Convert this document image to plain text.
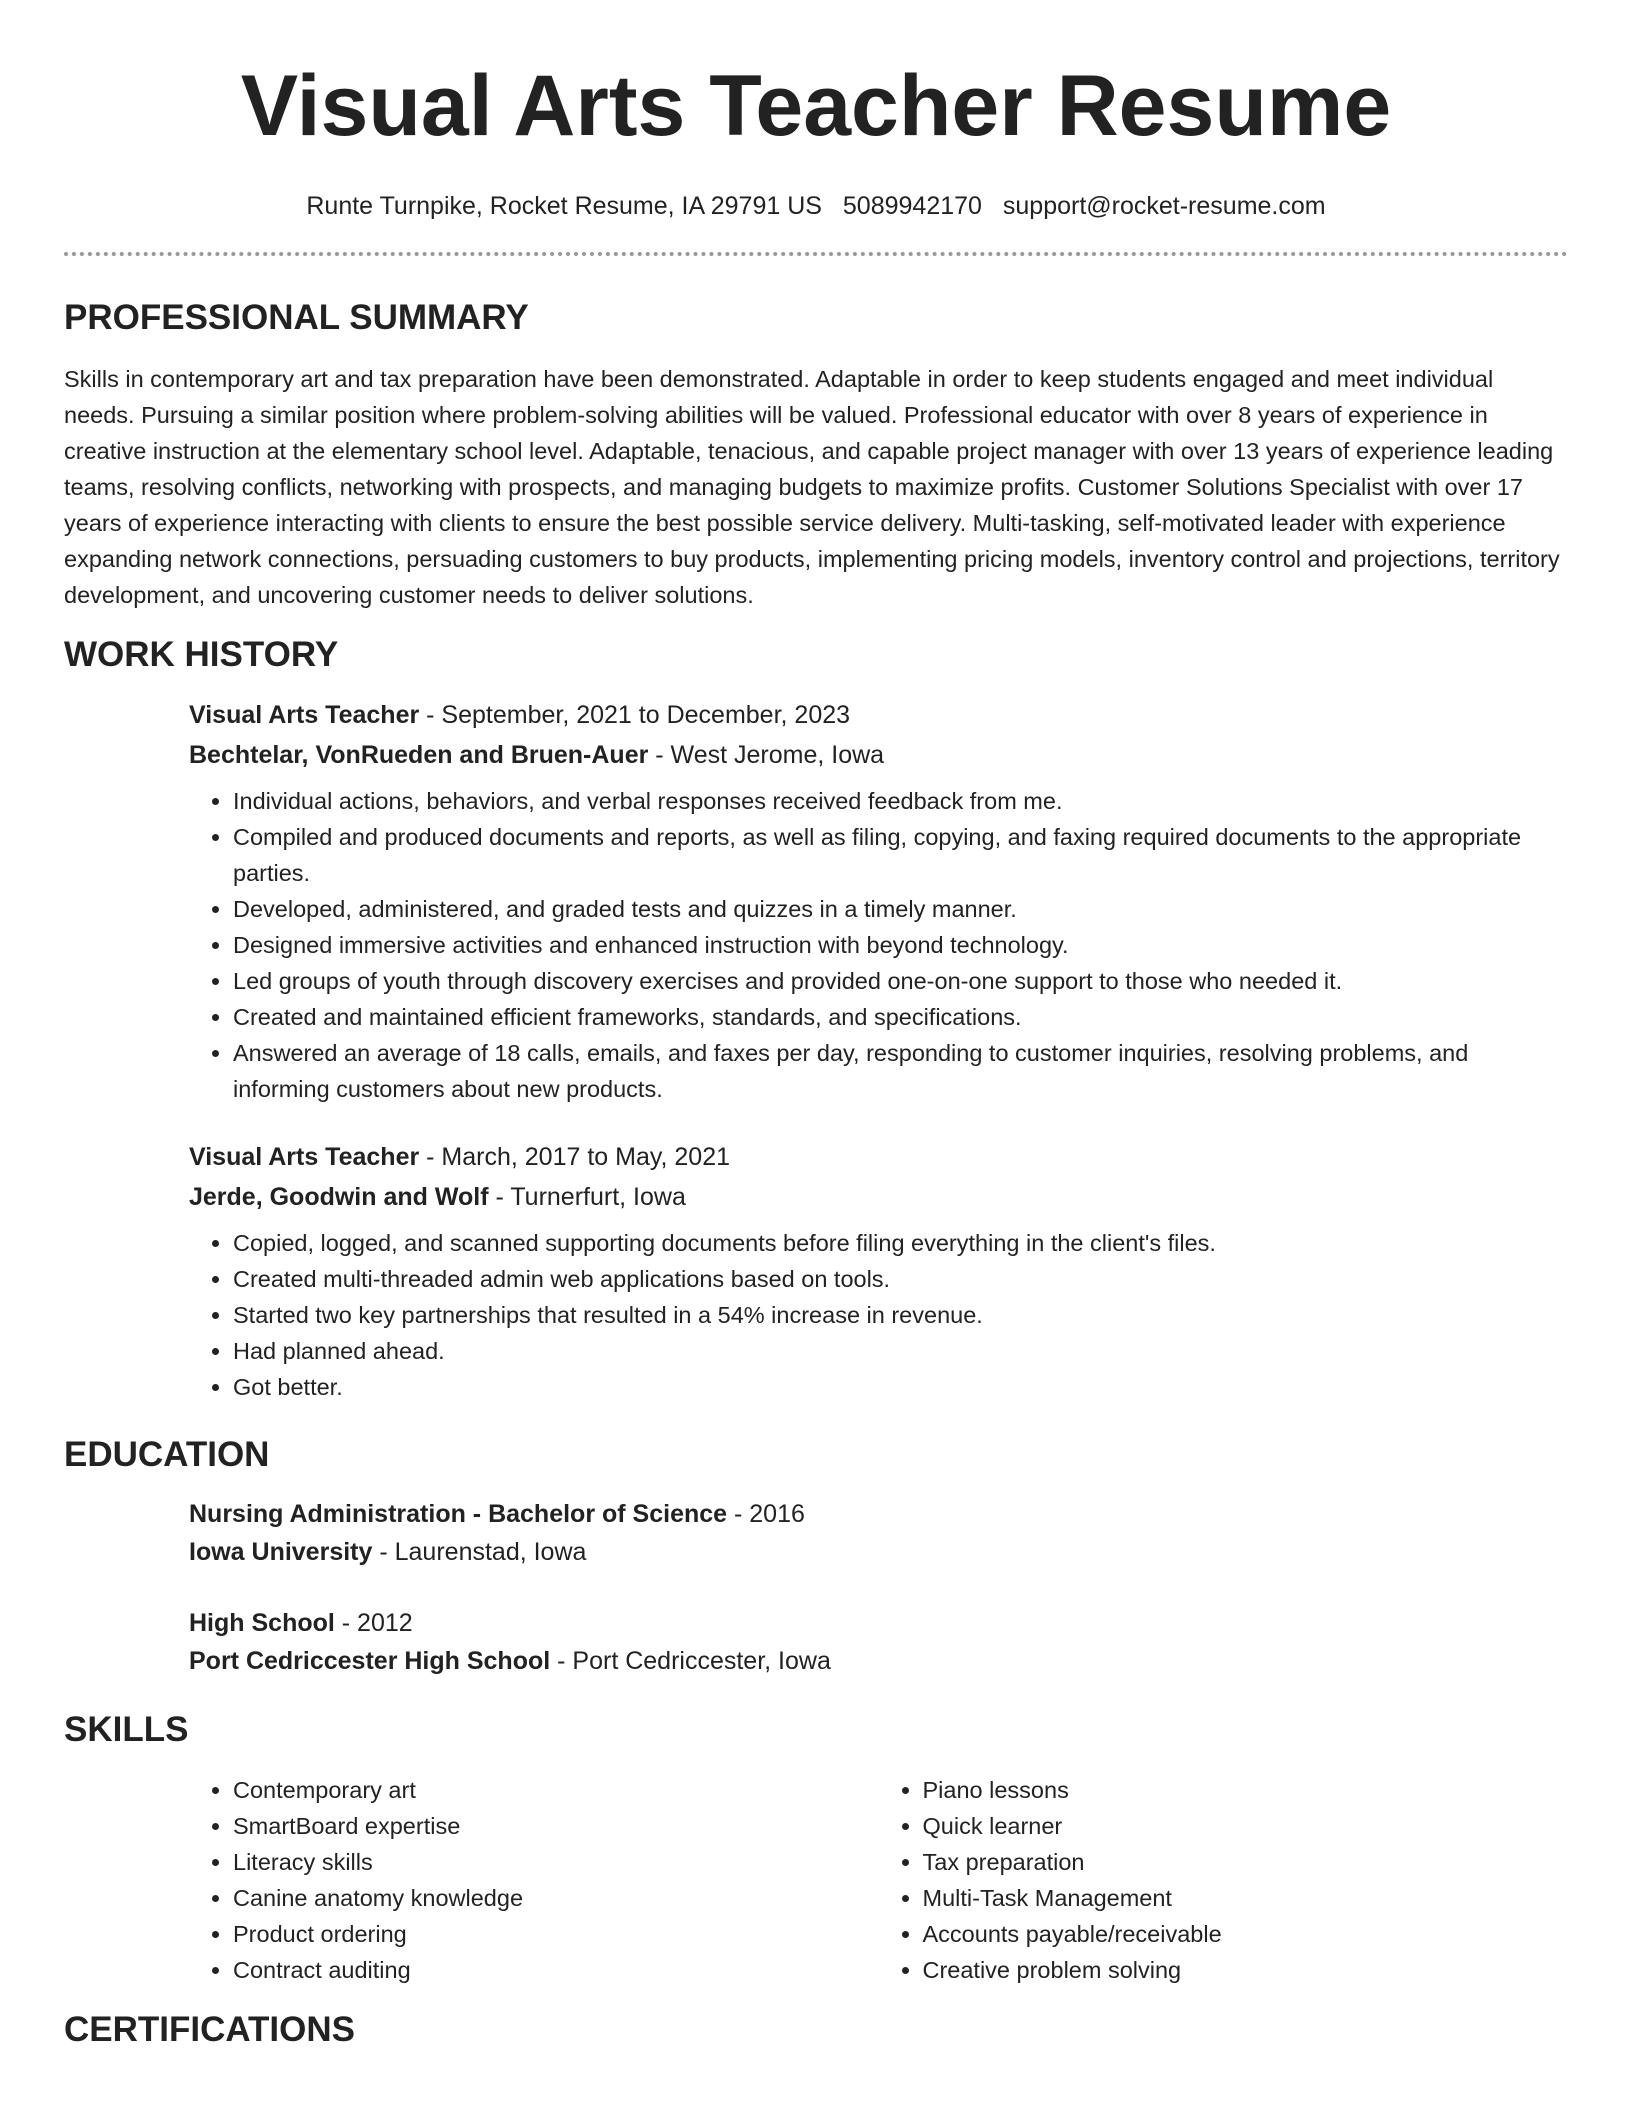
Visual Arts Teacher Resume
Runte Turnpike, Rocket Resume, IA 29791 US 5089942170 support@rocket-resume.com
PROFESSIONAL SUMMARY

Skills in contemporary art and tax preparation have been demonstrated. Adaptable in order to keep students engaged and meet individual needs. Pursuing a similar position where problem-solving abilities will be valued. Professional educator with over 8 years of experience in creative instruction at the elementary school level. Adaptable, tenacious, and capable project manager with over 13 years of experience leading teams, resolving conflicts, networking with prospects, and managing budgets to maximize profits. Customer Solutions Specialist with over 17 years of experience interacting with clients to ensure the best possible service delivery. Multi-tasking, self-motivated leader with experience expanding network connections, persuading customers to buy products, implementing pricing models, inventory control and projections, territory development, and uncovering customer needs to deliver solutions.

WORK HISTORY

Visual Arts Teacher - September, 2021 to December, 2023

Bechtelar, VonRueden and Bruen-Auer - West Jerome, Iowa

• Individual actions, behaviors, and verbal responses received feedback from me.
• Compiled and produced documents and reports, as well as filing, copying, and faxing required documents to the appropriate parties.
• Developed, administered, and graded tests and quizzes in a timely manner.
• Designed immersive activities and enhanced instruction with beyond technology.
• Led groups of youth through discovery exercises and provided one-on-one support to those who needed it.
• Created and maintained efficient frameworks, standards, and specifications.
• Answered an average of 18 calls, emails, and faxes per day, responding to customer inquiries, resolving problems, and informing customers about new products.

Visual Arts Teacher - March, 2017 to May, 2021

Jerde, Goodwin and Wolf - Turnerfurt, Iowa

• Copied, logged, and scanned supporting documents before filing everything in the client's files.
• Created multi-threaded admin web applications based on tools.
• Started two key partnerships that resulted in a 54% increase in revenue.
• Had planned ahead.
• Got better.
EDUCATION

Nursing Administration - Bachelor of Science - 2016

Iowa University - Laurenstad, Iowa

High School - 2012

Port Cedriccester High School - Port Cedriccester, Iowa

SKILLS
• Contemporary art
• SmartBoard expertise
• Literacy skills
• Canine anatomy knowledge
• Product ordering
• Contract auditing
• Piano lessons
• Quick learner
• Tax preparation
• Multi-Task Management
• Accounts payable/receivable
• Creative problem solving
CERTIFICATIONS
